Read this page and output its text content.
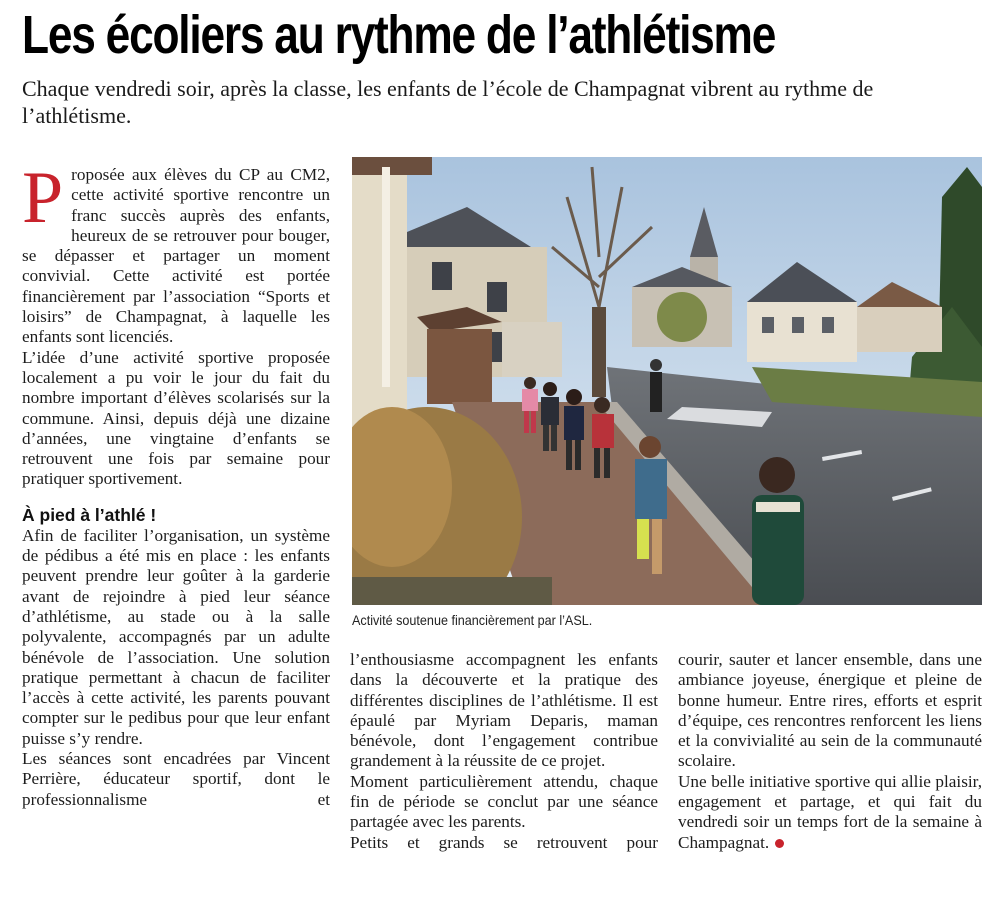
Les écoliers au rythme de l’athlétisme

Chaque vendredi soir, après la classe, les enfants de l’école de Champagnat vibrent au rythme de l’athlétisme.

Proposée aux élèves du CP au CM2, cette activité sportive rencontre un franc succès auprès des enfants, heureux de se retrouver pour bouger, se dépasser et partager un moment convivial. Cette activité est portée financièrement par l’association “Sports et loisirs” de Champagnat, à laquelle les enfants sont licenciés.

L’idée d’une activité sportive proposée localement a pu voir le jour du fait du nombre important d’élèves scolarisés sur la commune. Ainsi, depuis déjà une dizaine d’années, une vingtaine d’enfants se retrouvent une fois par semaine pour pratiquer sportivement.

À pied à l’athlé !

Afin de faciliter l’organisation, un système de pédibus a été mis en place : les enfants peuvent prendre leur goûter à la garderie avant de rejoindre à pied leur séance d’athlétisme, au stade ou à la salle polyvalente, accompagnés par un adulte bénévole de l’association. Une solution pratique permettant à chacun de faciliter l’accès à cette activité, les parents pouvant compter sur le pedibus pour que leur enfant puisse s’y rendre.

Les séances sont encadrées par Vincent Perrière, éducateur sportif, dont le professionnalisme et

Activité soutenue financièrement par l’ASL.

l’enthousiasme accompagnent les enfants dans la découverte et la pratique des différentes disciplines de l’athlétisme. Il est épaulé par Myriam Deparis, maman bénévole, dont l’engagement contribue grandement à la réussite de ce projet.

Moment particulièrement attendu, chaque fin de période se conclut par une séance partagée avec les parents.

Petits et grands se retrouvent pour

courir, sauter et lancer ensemble, dans une ambiance joyeuse, énergique et pleine de bonne humeur. Entre rires, efforts et esprit d’équipe, ces rencontres renforcent les liens et la convivialité au sein de la communauté scolaire.

Une belle initiative sportive qui allie plaisir, engagement et partage, et qui fait du vendredi soir un temps fort de la semaine à Champagnat.
